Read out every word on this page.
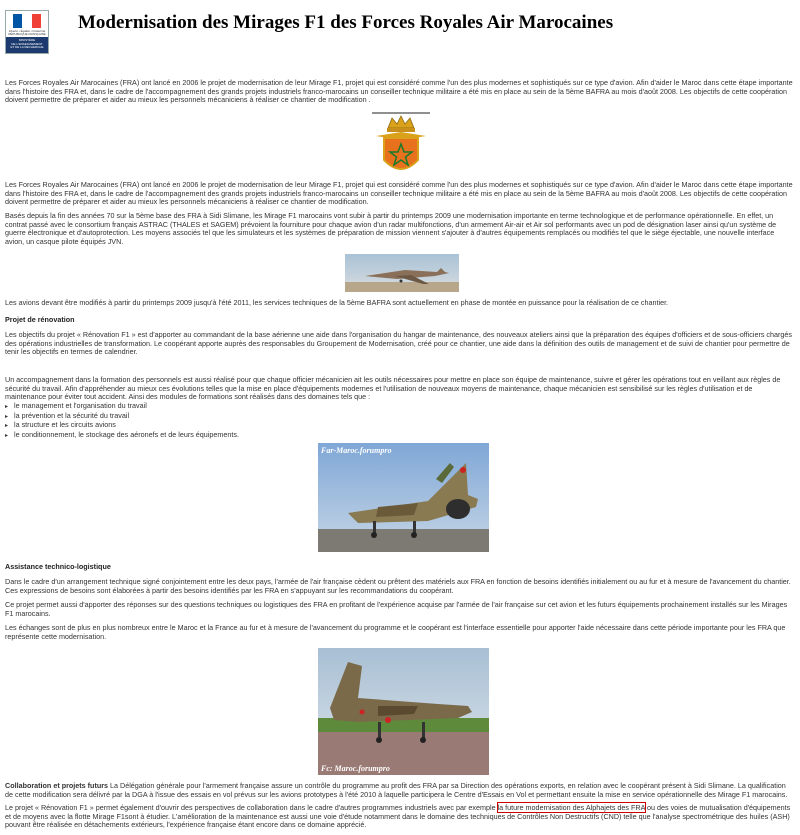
Liberté • Égalité • Fraternité
RÉPUBLIQUE FRANÇAISE
MINISTÈRE
DE L'ENSEIGNEMENT
ET DE LA RECHERCHE
Modernisation des Mirages F1 des Forces Royales Air Marocaines

Les Forces Royales Air Marocaines (FRA) ont lancé en 2006 le projet de modernisation de leur Mirage F1, projet qui est considéré comme l'un des plus modernes et sophistiqués sur ce type d'avion. Afin d'aider le Maroc dans cette étape importante dans l'histoire des FRA et, dans le cadre de l'accompagnement des grands projets industriels franco-marocains un conseiller technique militaire a été mis en place au sein de la 5ème BAFRA au mois d'août 2008. Les objectifs de cette coopération doivent permettre de préparer et aider au mieux les personnels mécaniciens à réaliser ce chantier de modification .

Les Forces Royales Air Marocaines (FRA) ont lancé en 2006 le projet de modernisation de leur Mirage F1, projet qui est considéré comme l'un des plus modernes et sophistiqués sur ce type d'avion. Afin d'aider le Maroc dans cette étape importante dans l'histoire des FRA et, dans le cadre de l'accompagnement des grands projets industriels franco-marocains un conseiller technique militaire a été mis en place au sein de la 5ème BAFRA au mois d'août 2008. Les objectifs de cette coopération doivent permettre de préparer et aider au mieux les personnels mécaniciens à réaliser ce chantier de modification.

Basés depuis la fin des années 70 sur la 5ème base des FRA à Sidi Slimane, les Mirage F1 marocains vont subir à partir du printemps 2009 une modernisation importante en terme technologique et de performance opérationnelle. En effet, un contrat passé avec le consortium français ASTRAC (THALES et SAGEM) prévoient la fourniture pour chaque avion d'un radar multifonctions, d'un armement Air-air et Air sol performants avec un pod de désignation laser ainsi qu'un système de guerre électronique et d'autoprotection. Les moyens associés tel que les simulateurs et les systèmes de préparation de mission viennent s'ajouter à d'autres équipements remplacés ou modifiés tel que le siège éjectable, une nouvelle interface avion, un casque pilote équipés JVN.

Les avions devant être modifiés à partir du printemps 2009 jusqu'à l'été 2011, les services techniques de la 5ème BAFRA sont actuellement en phase de montée en puissance pour la réalisation de ce chantier.

Projet de rénovation

Les objectifs du projet « Rénovation F1 » est d'apporter au commandant de la base aérienne une aide dans l'organisation du hangar de maintenance, des nouveaux ateliers ainsi que la préparation des équipes d'officiers et de sous-officiers chargés des opérations industrielles de transformation. Le coopérant apporte auprès des responsables du Groupement de Modernisation, créé pour ce chantier, une aide dans la définition des outils de management et de suivi de chantier pour permettre de tenir les objectifs en termes de calendrier.

Un accompagnement dans la formation des personnels est aussi réalisé pour que chaque officier mécanicien ait les outils nécessaires pour mettre en place son équipe de maintenance, suivre et gérer les opérations tout en veillant aux règles de sécurité du travail. Afin d'appréhender au mieux ces évolutions telles que la mise en place d'équipements modernes et l'utilisation de nouveaux moyens de maintenance, chaque mécanicien est sensibilisé sur les règles d'utilisation et de maintenance pour éviter tout accident. Ainsi des modules de formations sont réalisés dans des domaines tels que :

▸ le management et l'organisation du travail
▸ la prévention et la sécurité du travail
▸ la structure et les circuits avions
▸ le conditionnement, le stockage des aéronefs et de leurs équipements.
Far-Maroc.forumpro

Assistance technico-logistique

Dans le cadre d'un arrangement technique signé conjointement entre les deux pays, l'armée de l'air française cèdent ou prêtent des matériels aux FRA en fonction de besoins identifiés initialement ou au fur et à mesure de l'avancement du chantier. Ces expressions de besoins sont élaborées à partir des besoins identifiés par les FRA en s'appuyant sur les recommandations du coopérant.

Ce projet permet aussi d'apporter des réponses sur des questions techniques ou logistiques des FRA en profitant de l'expérience acquise par l'armée de l'air française sur cet avion et les futurs équipements prochainement installés sur les Mirages F1 marocains.

Les échanges sont de plus en plus nombreux entre le Maroc et la France au fur et à mesure de l'avancement du programme et le coopérant est l'interface essentielle pour apporter l'aide nécessaire dans cette période importante pour les FRA que représente cette modernisation.

Fc: Maroc.forumpro

Collaboration et projets futurs La Délégation générale pour l'armement française assure un contrôle du programme au profit des FRA par sa Direction des opérations exports, en relation avec le coopérant présent à Sidi Slimane. La qualification de cette modification sera délivré par la DGA à l'issue des essais en vol prévus sur les avions prototypes à l'été 2010 à laquelle participera le Centre d'Essais en Vol et permettant ensuite la mise en service opérationnelle des Mirage F1 marocains.

Le projet « Rénovation F1 » permet également d'ouvrir des perspectives de collaboration dans le cadre d'autres programmes industriels avec par exemple la future modernisation des Alphajets des FRA ou des voies de mutualisation d'équipements et de moyens avec la flotte Mirage F1sont à étudier. L'amélioration de la maintenance est aussi une voie d'étude notamment dans le domaine des techniques de Contrôles Non Destructifs (CND) telle que l'analyse spectrométrique des huiles (ASH) pouvant être réalisée en détachements extérieurs, l'expérience française étant encore dans ce domaine apprécié.
